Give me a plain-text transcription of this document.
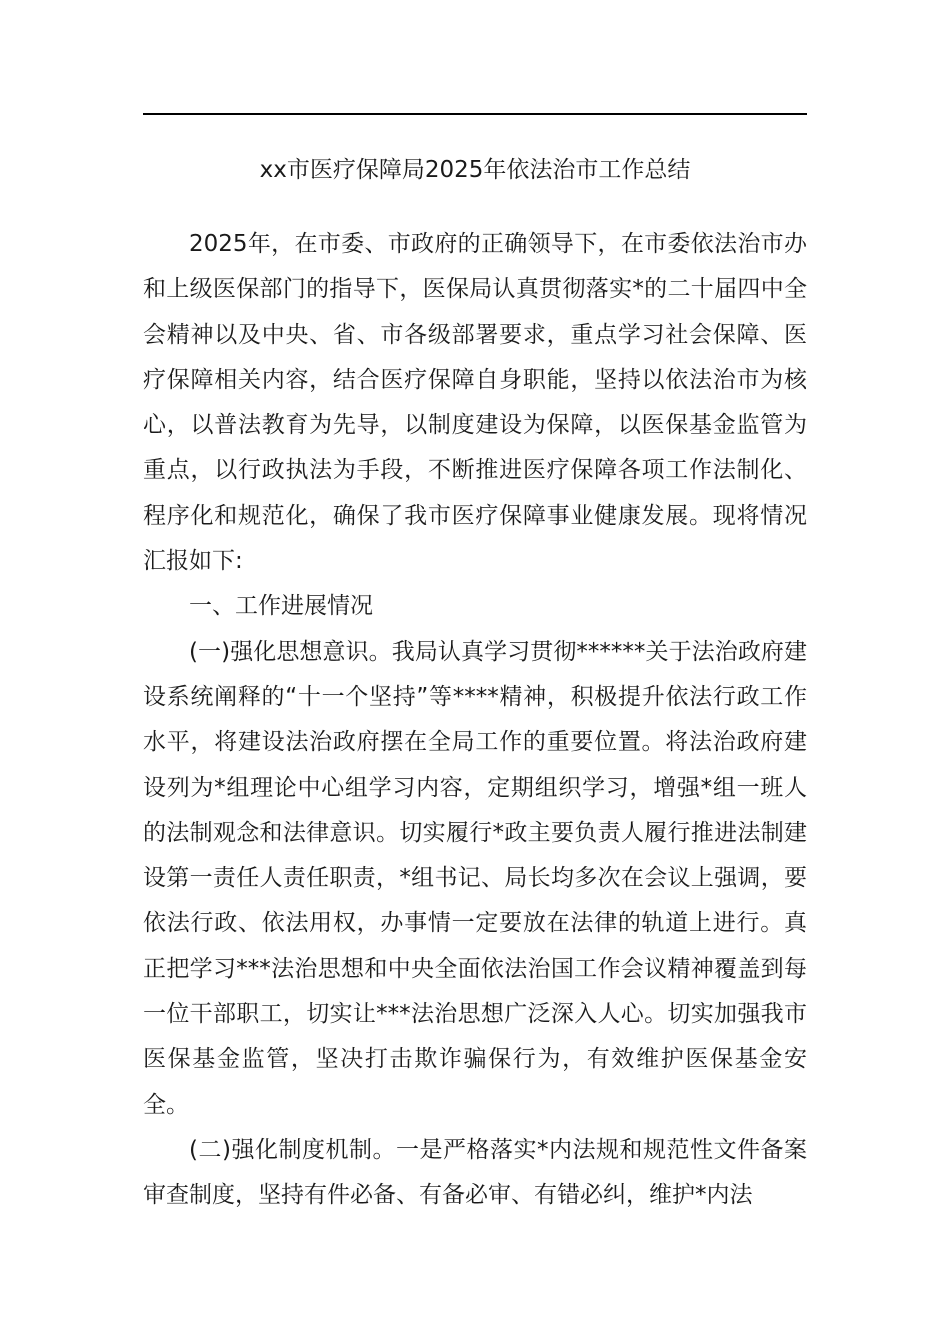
xx市医疗保障局2025年依法治市工作总结

2025年，在市委、市政府的正确领导下，在市委依法治市办和上级医保部门的指导下，医保局认真贯彻落实*的二十届四中全会精神以及中央、省、市各级部署要求，重点学习社会保障、医疗保障相关内容，结合医疗保障自身职能，坚持以依法治市为核心，以普法教育为先导，以制度建设为保障，以医保基金监管为重点，以行政执法为手段，不断推进医疗保障各项工作法制化、程序化和规范化，确保了我市医疗保障事业健康发展。现将情况汇报如下:

一、工作进展情况

(一)强化思想意识。我局认真学习贯彻******关于法治政府建设系统阐释的“十一个坚持”等****精神，积极提升依法行政工作水平，将建设法治政府摆在全局工作的重要位置。将法治政府建设列为*组理论中心组学习内容，定期组织学习，增强*组一班人的法制观念和法律意识。切实履行*政主要负责人履行推进法制建设第一责任人责任职责，*组书记、局长均多次在会议上强调，要依法行政、依法用权，办事情一定要放在法律的轨道上进行。真正把学习***法治思想和中央全面依法治国工作会议精神覆盖到每一位干部职工，切实让***法治思想广泛深入人心。切实加强我市医保基金监管，坚决打击欺诈骗保行为，有效维护医保基金安全。

(二)强化制度机制。一是严格落实*内法规和规范性文件备案审查制度，坚持有件必备、有备必审、有错必纠，维护*内法
